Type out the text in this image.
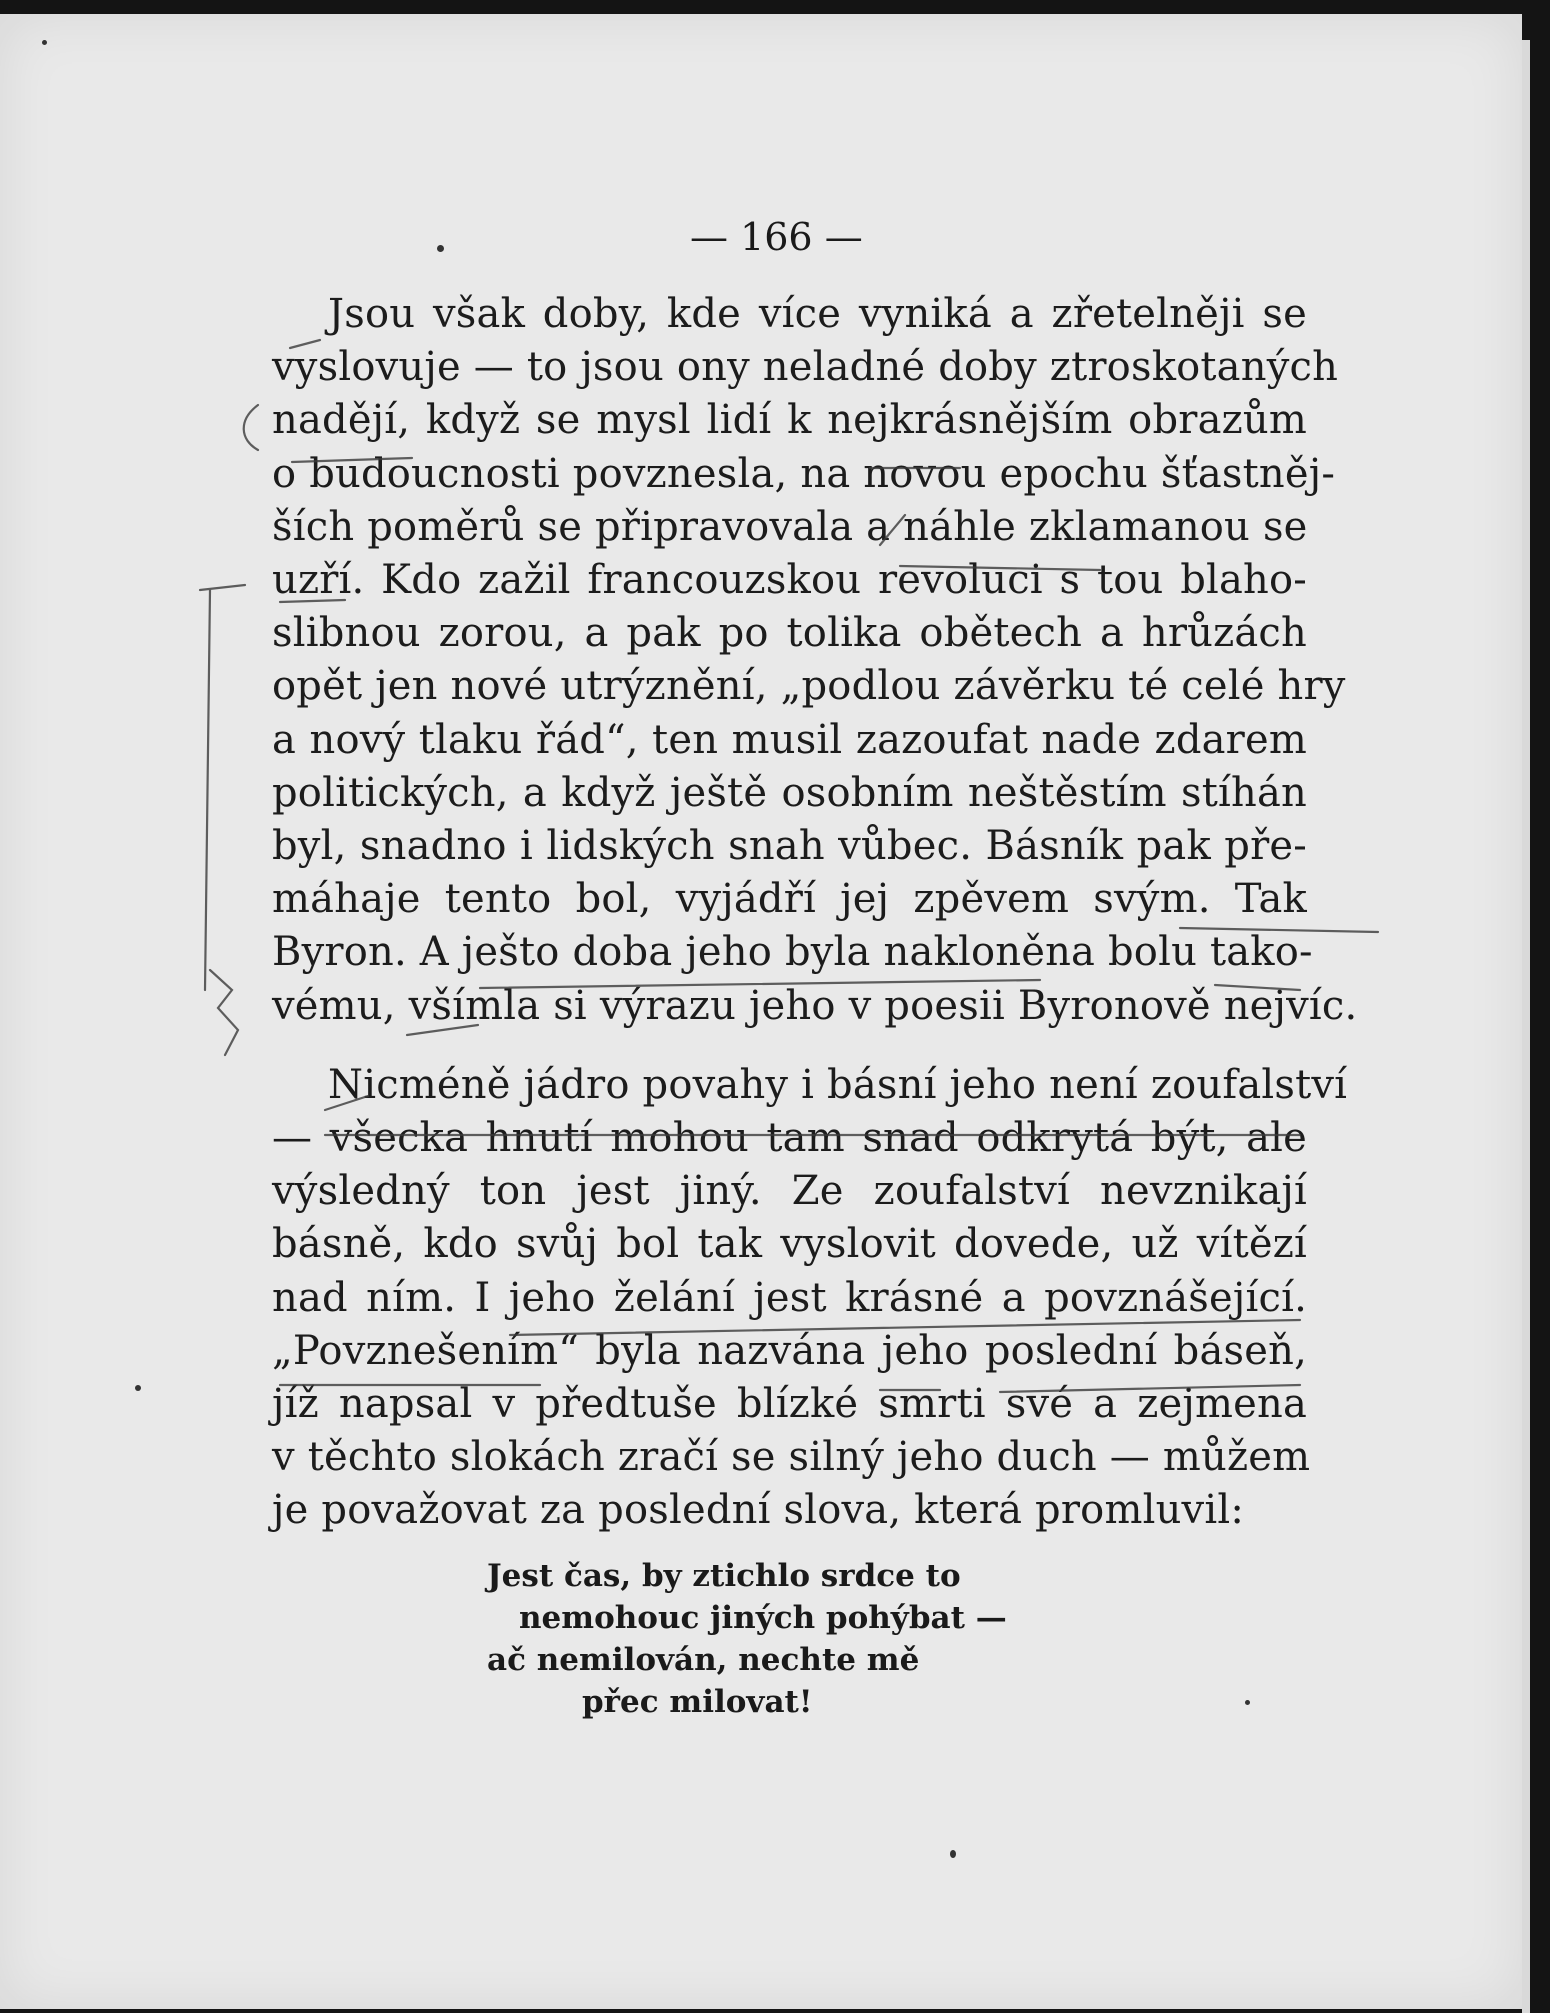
— 166 —
Jsou však doby, kde více vyniká a zřetelněji se
vyslovuje — to jsou ony neladné doby ztroskotaných
nadějí, když se mysl lidí k nejkrásnějším obrazům
o budoucnosti povznesla, na novou epochu šťastněj-
ších poměrů se připravovala a náhle zklamanou se
uzří. Kdo zažil francouzskou revoluci s tou blaho-
slibnou zorou, a pak po tolika obětech a hrůzách
opět jen nové utrýznění, „podlou závěrku té celé hry
a nový tlaku řád“, ten musil zazoufat nade zdarem
politických, a když ještě osobním neštěstím stíhán
byl, snadno i lidských snah vůbec. Básník pak pře-
máhaje tento bol, vyjádří jej zpěvem svým. Tak
Byron. A ješto doba jeho byla nakloněna bolu tako-
vému, všímla si výrazu jeho v poesii Byronově nejvíc.
Nicméně jádro povahy i básní jeho není zoufalství
— všecka hnutí mohou tam snad odkrytá být, ale
výsledný ton jest jiný. Ze zoufalství nevznikají
básně, kdo svůj bol tak vyslovit dovede, už vítězí
nad ním. I jeho želání jest krásné a povznášející.
„Povznešením“ byla nazvána jeho poslední báseň,
jíž napsal v předtuše blízké smrti své a zejmena
v těchto slokách zračí se silný jeho duch — můžem
je považovat za poslední slova, která promluvil:
Jest čas, by ztichlo srdce to
nemohouc jiných pohýbat —
ač nemilován, nechte mě
přec milovat!
